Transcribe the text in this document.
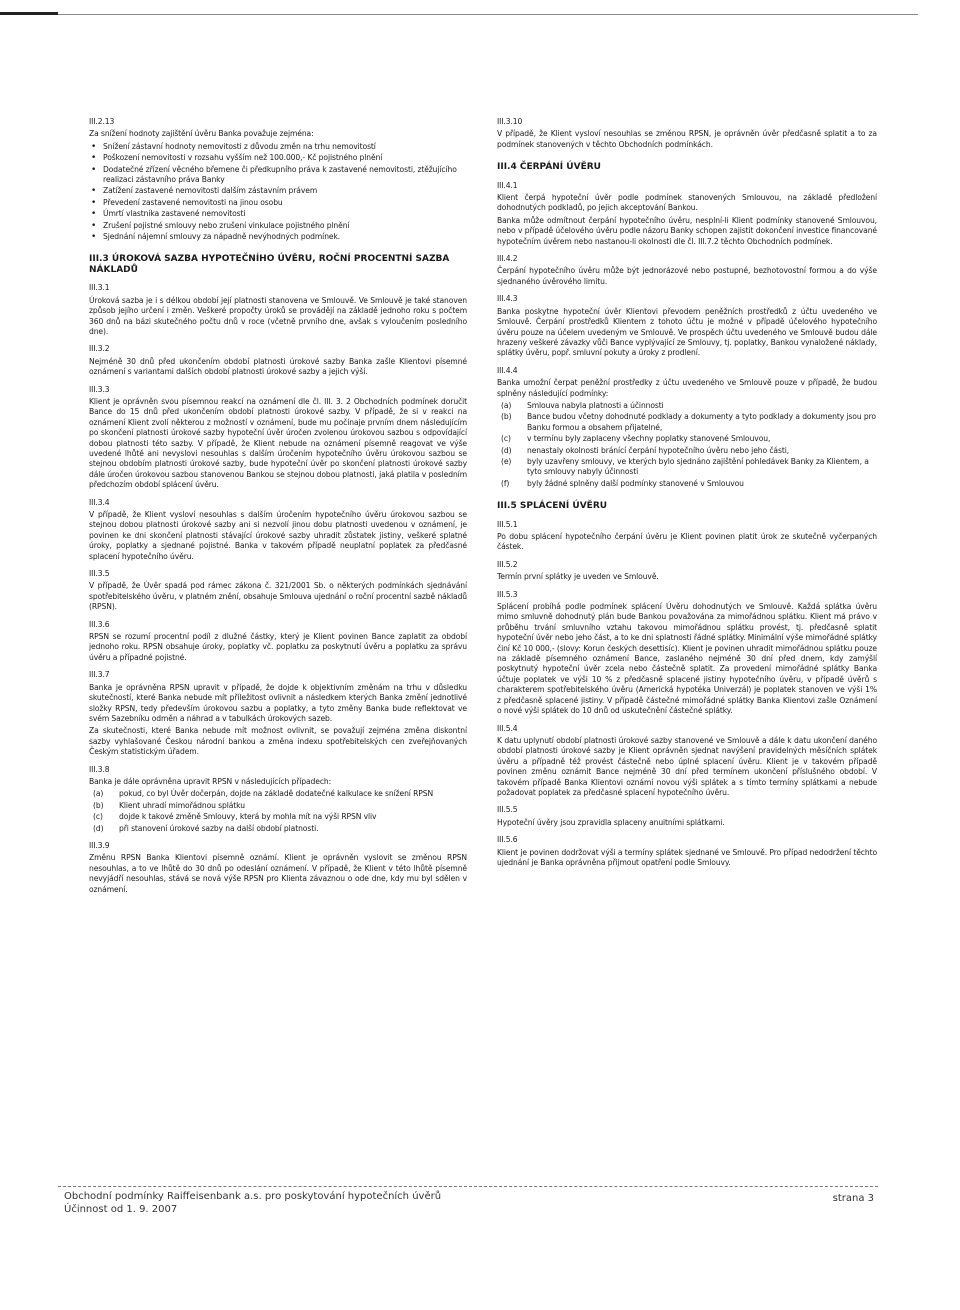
III.2.13
Za snížení hodnoty zajištění úvěru Banka považuje zejména:
• Snížení zástavní hodnoty nemovitosti z důvodu změn na trhu nemovitostí
• Poškození nemovitosti v rozsahu vyšším než 100.000,- Kč pojistného plnění
• Dodatečné zřízení věcného břemene či předkupního práva k zastavené nemovitosti, ztěžujícího realizaci zástavního práva Banky
• Zatížení zastavené nemovitosti dalším zástavním právem
• Převedení zastavené nemovitosti na jinou osobu
• Úmrtí vlastníka zastavené nemovitosti
• Zrušení pojistné smlouvy nebo zrušení vinkulace pojistného plnění
• Sjednání nájemní smlouvy za nápadně nevýhodných podmínek.
III.3 ÚROKOVÁ SAZBA HYPOTEČNÍHO ÚVĚRU, ROČNÍ PROCENTNÍ SAZBA NÁKLADŮ
III.3.1
Úroková sazba je i s délkou období její platnosti stanovena ve Smlouvě. Ve Smlouvě je také stanoven způsob jejího určení i změn. Veškeré propočty úroků se provádějí na základě jednoho roku s počtem 360 dnů na bázi skutečného počtu dnů v roce (včetně prvního dne, avšak s vyloučením posledního dne).
III.3.2
Nejméně 30 dnů před ukončením období platnosti úrokové sazby Banka zašle Klientovi písemné oznámení s variantami dalších období platnosti úrokové sazby a jejich výší.
III.3.3
Klient je oprávněn svou písemnou reakcí na oznámení dle čl. III. 3. 2 Obchodních podmínek doručit Bance do 15 dnů před ukončením období platnosti úrokové sazby. V případě, že si v reakci na oznámení Klient zvolí některou z možností v oznámení, bude mu počínaje prvním dnem následujícím po skončení platnosti úrokové sazby hypoteční úvěr úročen zvolenou úrokovou sazbou s odpovídající dobou platnosti této sazby. V případě, že Klient nebude na oznámení písemně reagovat ve výše uvedené lhůtě ani nevyslovi nesouhlas s dalším úročením hypotečního úvěru úrokovou sazbou se stejnou obdobím platnosti úrokové sazby, bude hypoteční úvěr po skončení platnosti úrokové sazby dále úročen úrokovou sazbou stanovenou Bankou se stejnou dobou platnosti, jaká platila v posledním předchozím období splácení úvěru.
III.3.4
V případě, že Klient vysloví nesouhlas s dalším úročením hypotečního úvěru úrokovou sazbou se stejnou dobou platnosti úrokové sazby ani si nezvolí jinou dobu platnosti uvedenou v oznámení, je povinen ke dni skončení platnosti stávající úrokové sazby uhradit zůstatek jistiny, veškeré splatné úroky, poplatky a sjednané pojistné. Banka v takovém případě neuplatní poplatek za předčasné splacení hypotečního úvěru.
III.3.5
V případě, že Úvěr spadá pod rámec zákona č. 321/2001 Sb. o některých podmínkách sjednávání spotřebitelského úvěru, v platném znění, obsahuje Smlouva ujednání o roční procentní sazbě nákladů (RPSN).
III.3.6
RPSN se rozumí procentní podíl z dlužné částky, který je Klient povinen Bance zaplatit za období jednoho roku. RPSN obsahuje úroky, poplatky vč. poplatku za poskytnutí úvěru a poplatku za správu úvěru a případné pojistné.
III.3.7
Banka je oprávněna RPSN upravit v případě, že dojde k objektivním změnám na trhu v důsledku skutečností, které Banka nebude mít příležitost ovlivnit a následkem kterých Banka změní jednotlivé složky RPSN, tedy především úrokovou sazbu a poplatky, a tyto změny Banka bude reflektovat ve svém Sazebníku odměn a náhrad a v tabulkách úrokových sazeb.
Za skutečnosti, které Banka nebude mít možnost ovlivnit, se považují zejména změna diskontní sazby vyhlašované Českou národní bankou a změna indexu spotřebitelských cen zveřejňovaných Českým statistickým úřadem.
III.3.8
Banka je dále oprávněna upravit RPSN v následujících případech:
(a)	pokud, co byl Úvěr dočerpán, dojde na základě dodatečné kalkulace ke snížení RPSN
(b)	Klient uhradí mimořádnou splátku
(c)	dojde k takové změně Smlouvy, která by mohla mít na výši RPSN vliv
(d)	při stanovení úrokové sazby na další období platnosti.
III.3.9
Změnu RPSN Banka Klientovi písemně oznámí. Klient je oprávněn vyslovit se změnou RPSN nesouhlas, a to ve lhůtě do 30 dnů po odeslání oznámení. V případě, že Klient v této lhůtě písemně nevyjádří nesouhlas, stává se nová výše RPSN pro Klienta závaznou o ode dne, kdy mu byl sdělen v oznámení.
III.3.10
V případě, že Klient vysloví nesouhlas se změnou RPSN, je oprávněn úvěr předčasně splatit a to za podmínek stanovených v těchto Obchodních podmínkách.
III.4 ČERPÁNÍ ÚVĚRU
III.4.1
Klient čerpá hypoteční úvěr podle podmínek stanovených Smlouvou, na základě předložení dohodnutých podkladů, po jejich akceptování Bankou.
Banka může odmítnout čerpání hypotečního úvěru, nesplní-li Klient podmínky stanovené Smlouvou, nebo v případě účelového úvěru podle názoru Banky schopen zajistit dokončení investice financované hypotečním úvěrem nebo nastanou-li okolnosti dle čl. III.7.2 těchto Obchodních podmínek.
III.4.2
Čerpání hypotečního úvěru může být jednorázové nebo postupné, bezhotovostní formou a do výše sjednaného úvěrového limitu.
III.4.3
Banka poskytne hypoteční úvěr Klientovi převodem peněžních prostředků z účtu uvedeného ve Smlouvě. Čerpání prostředků Klientem z tohoto účtu je možné v případě účelového hypotečního úvěru pouze na účelem uvedeným ve Smlouvě. Ve prospěch účtu uvedeného ve Smlouvě budou dále hrazeny veškeré závazky vůči Bance vyplývající ze Smlouvy, tj. poplatky, Bankou vynaložené náklady, splátky úvěru, popř. smluvní pokuty a úroky z prodlení.
III.4.4
Banka umožní čerpat peněžní prostředky z účtu uvedeného ve Smlouvě pouze v případě, že budou splněny následující podmínky:
(a)	Smlouva nabyla platnosti a účinnosti
(b)	Bance budou včetny dohodnuté podklady a dokumenty a tyto podklady a dokumenty jsou pro Banku formou a obsahem přijatelné,
(c)	v termínu byly zaplaceny všechny poplatky stanovené Smlouvou,
(d)	nenastaly okolnosti bránící čerpání hypotečního úvěru nebo jeho části,
(e)	byly uzavřeny smlouvy, ve kterých bylo sjednáno zajištění pohledávek Banky za Klientem, a tyto smlouvy nabyly účinnosti
(f)	byly žádné splněny další podmínky stanovené v Smlouvou
III.5 SPLÁCENÍ ÚVĚRU
III.5.1
Po dobu splácení hypotečního čerpání úvěru je Klient povinen platit úrok ze skutečně vyčerpaných částek.
III.5.2
Termín první splátky je uveden ve Smlouvě.
III.5.3
Splácení probíhá podle podmínek splácení Úvěru dohodnutých ve Smlouvě. Každá splátka úvěru mimo smluvně dohodnutý plán bude Bankou považována za mimořádnou splátku. Klient má právo v průběhu trvání smluvního vztahu takovou mimořádnou splátku provést, tj. předčasně splatit hypoteční úvěr nebo jeho část, a to ke dni splatnosti řádné splátky. Minimální výše mimořádné splátky činí Kč 10 000,- (slovy: Korun českých desettisíc). Klient je povinen uhradit mimořádnou splátku pouze na základě písemného oznámení Bance, zaslaného nejméně 30 dní před dnem, kdy zamýšlí poskytnutý hypoteční úvěr zcela nebo částečně splatit. Za provedení mimořádné splátky Banka účtuje poplatek ve výši 10 % z předčasně splacené jistiny hypotečního úvěru, v případě úvěrů s charakterem spotřebitelského úvěru (Americká hypotéka Univerzál) je poplatek stanoven ve výši 1% z předčasně splacené jistiny. V případě částečné mimořádné splátky Banka Klientovi zašle Oznámení o nové výši splátek do 10 dnů od uskutečnění částečné splátky.
III.5.4
K datu uplynutí období platnosti úrokové sazby stanovené ve Smlouvě a dále k datu ukončení daného období platnosti úrokové sazby je Klient oprávněn sjednat navýšení pravidelných měsíčních splátek úvěru a případně též provést částečně nebo úplné splacení úvěru. Klient je v takovém případě povinen změnu oznámit Bance nejméně 30 dní před termínem ukončení příslušného období. V takovém případě Banka Klientovi oznámí novou výši splátek a s tímto termíny splátkami a nebude požadovat poplatek za předčasné splacení hypotečního úvěru.
III.5.5
Hypoteční úvěry jsou zpravidla splaceny anuitními splátkami.
III.5.6
Klient je povinen dodržovat výši a termíny splátek sjednané ve Smlouvě. Pro případ nedodržení těchto ujednání je Banka oprávněna přijmout opatření podle Smlouvy.
Obchodní podmínky Raiffeisenbank a.s. pro poskytování hypotečních úvěrů
Účinnost od 1. 9. 2007
strana 3
